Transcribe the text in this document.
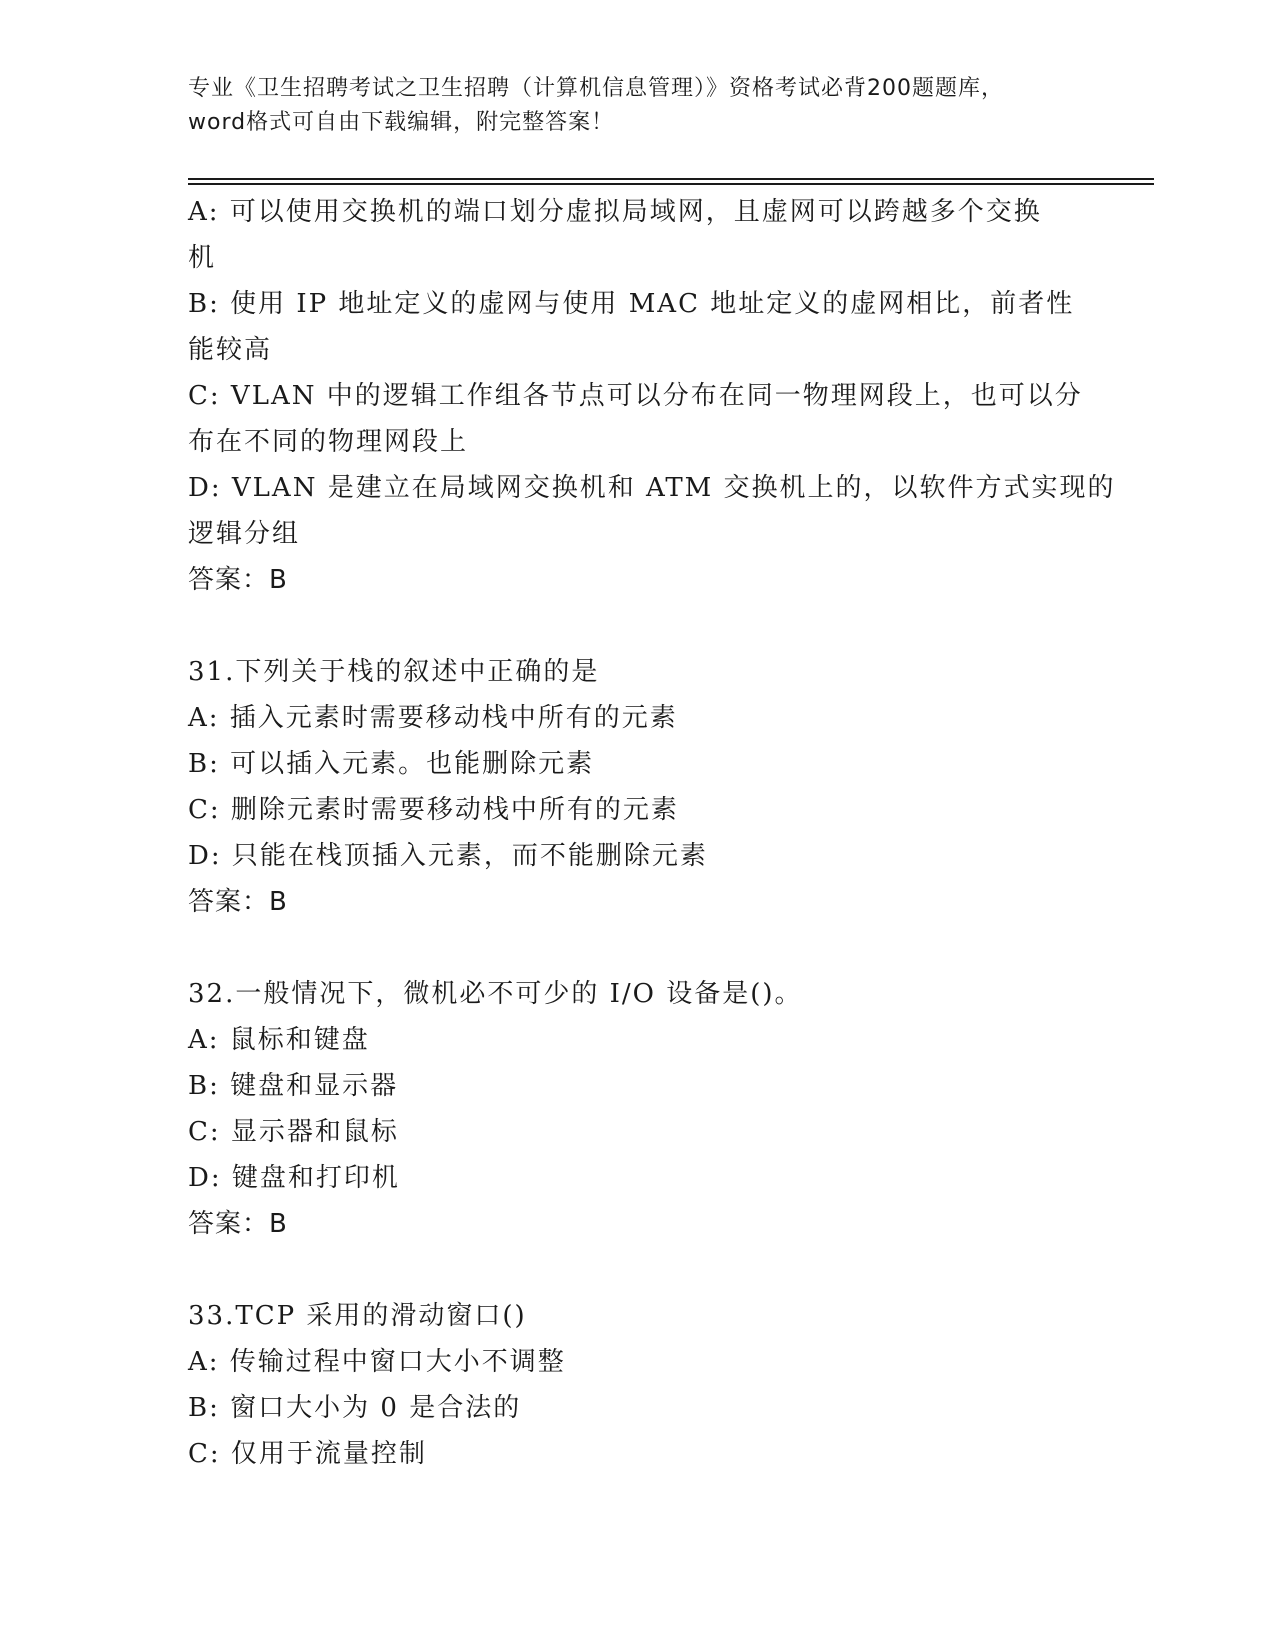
专业《卫生招聘考试之卫生招聘（计算机信息管理）》资格考试必背200题题库，
word格式可自由下载编辑，附完整答案！
A: 可以使用交换机的端口划分虚拟局域网，且虚网可以跨越多个交换
机
B: 使用 IP 地址定义的虚网与使用 MAC 地址定义的虚网相比，前者性
能较高
C: VLAN 中的逻辑工作组各节点可以分布在同一物理网段上，也可以分
布在不同的物理网段上
D: VLAN 是建立在局域网交换机和 ATM 交换机上的，以软件方式实现的
逻辑分组
答案：B
31.下列关于栈的叙述中正确的是
A: 插入元素时需要移动栈中所有的元素
B: 可以插入元素。也能删除元素
C: 删除元素时需要移动栈中所有的元素
D: 只能在栈顶插入元素，而不能删除元素
答案：B
32.一般情况下，微机必不可少的 I/O 设备是()。
A: 鼠标和键盘
B: 键盘和显示器
C: 显示器和鼠标
D: 键盘和打印机
答案：B
33.TCP 采用的滑动窗口()
A: 传输过程中窗口大小不调整
B: 窗口大小为 0 是合法的
C: 仅用于流量控制
